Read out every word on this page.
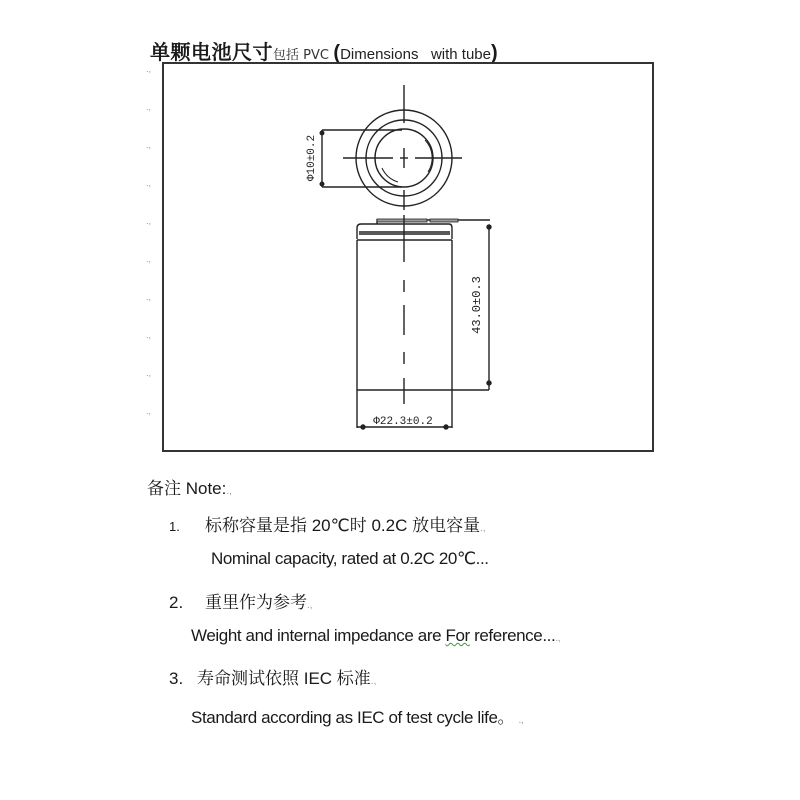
单颗电池尺寸包括 PVC (Dimensions   with tube)
.,
.,
.,
.,
.,
.,
.,
.,
.,
.,
Φ10±0.2
43.0±0.3
Φ22.3±0.2
备注 Note:.,
1. 标称容量是指 20℃时 0.2C 放电容量.,
Nominal capacity, rated at 0.2C 20℃...
2. 重里作为参考.,
Weight and internal impedance are For reference....,
3. 寿命测试依照 IEC 标准.,
Standard according as IEC of test cycle life。 .,
